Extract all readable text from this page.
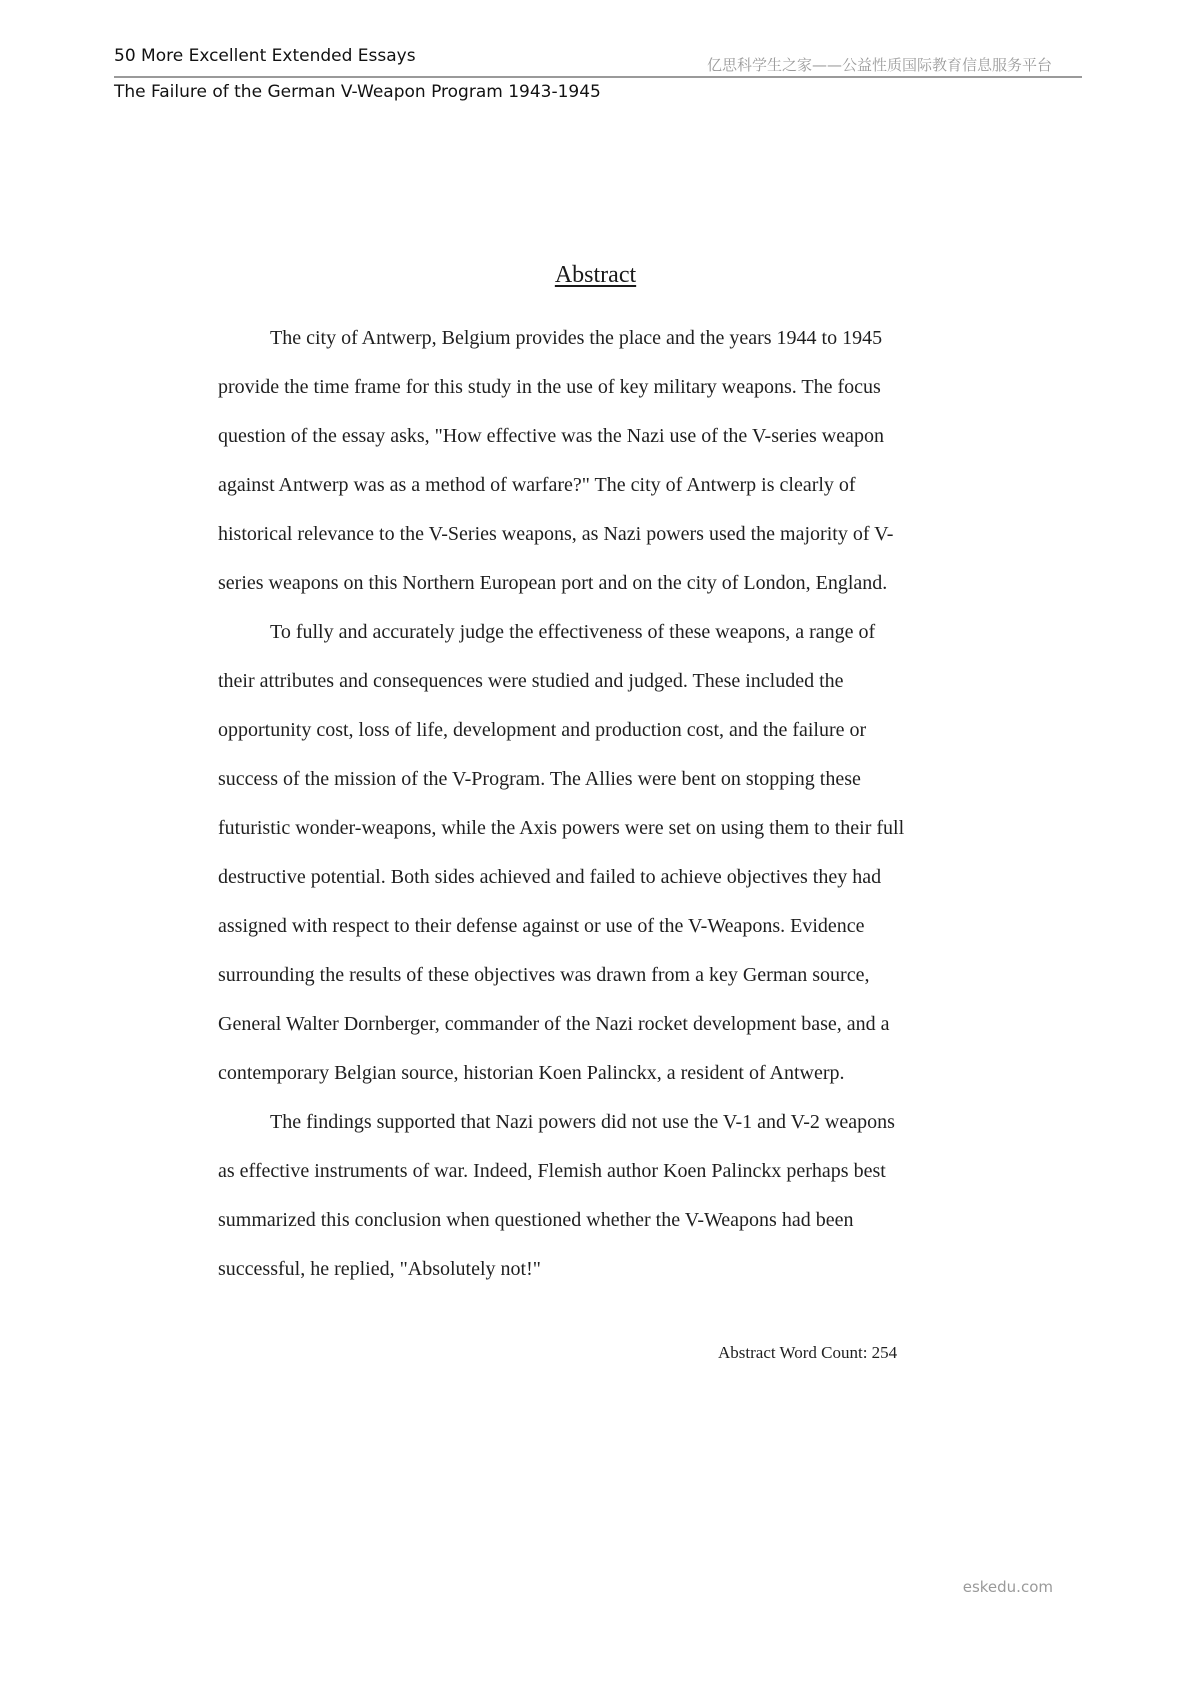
50 More Excellent Extended Essays	亿思科学生之家——公益性质国际教育信息服务平台
The Failure of the German V-Weapon Program 1943-1945
Abstract
The city of Antwerp, Belgium provides the place and the years 1944 to 1945
provide the time frame for this study in the use of key military weapons. The focus
question of the essay asks, "How effective was the Nazi use of the V-series weapon
against Antwerp was as a method of warfare?" The city of Antwerp is clearly of
historical relevance to the V-Series weapons, as Nazi powers used the majority of V-
series weapons on this Northern European port and on the city of London, England.
To fully and accurately judge the effectiveness of these weapons, a range of
their attributes and consequences were studied and judged. These included the
opportunity cost, loss of life, development and production cost, and the failure or
success of the mission of the V-Program. The Allies were bent on stopping these
futuristic wonder-weapons, while the Axis powers were set on using them to their full
destructive potential. Both sides achieved and failed to achieve objectives they had
assigned with respect to their defense against or use of the V-Weapons. Evidence
surrounding the results of these objectives was drawn from a key German source,
General Walter Dornberger, commander of the Nazi rocket development base, and a
contemporary Belgian source, historian Koen Palinckx, a resident of Antwerp.
The findings supported that Nazi powers did not use the V-1 and V-2 weapons
as effective instruments of war. Indeed, Flemish author Koen Palinckx perhaps best
summarized this conclusion when questioned whether the V-Weapons had been
successful, he replied, "Absolutely not!"
Abstract Word Count: 254
eskedu.com
